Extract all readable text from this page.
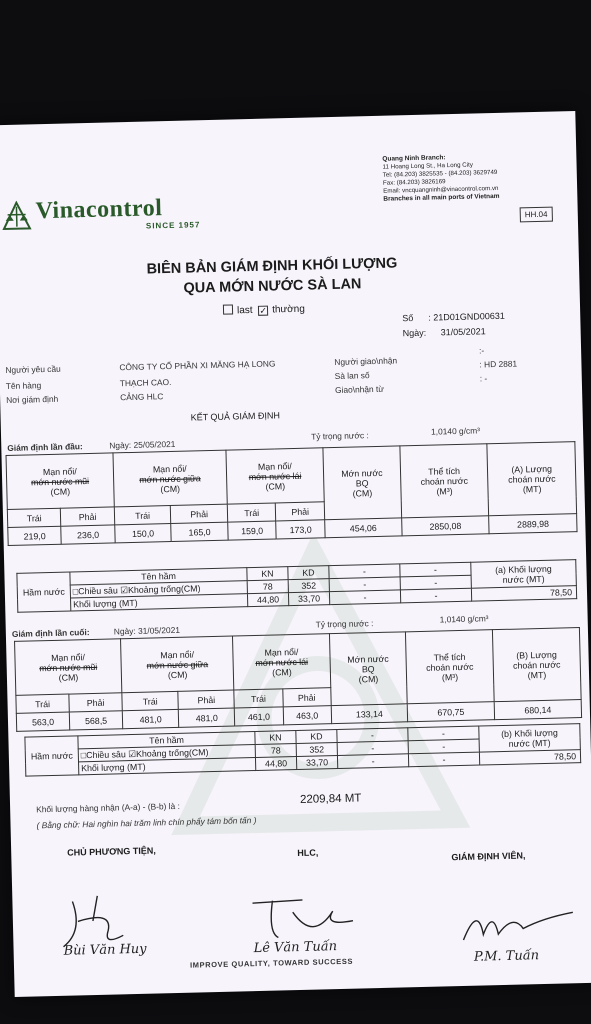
Vinacontrol
SINCE 1957
Quang Ninh Branch:
11 Hoang Long St., Ha Long City
Tel: (84.203) 3825535 - (84.203) 3629749
Fax: (84.203) 3826169
Email: vncquangninh@vinacontrol.com.vn
Branches in all main ports of Vietnam
HH.04
BIÊN BẢN GIÁM ĐỊNH KHỐI LƯỢNG
QUA MỚN NƯỚC SÀ LAN
last ✓ thường
Số : 21D01GND00631
Ngày: 31/05/2021
Người yêu cầu	CÔNG TY CỔ PHẦN XI MĂNG HẠ LONG
Tên hàng	THẠCH CAO.
Nơi giám định	CẢNG HLC
Người giao\nhận
:-
Sà lan số
: HD 2881
Giao\nhận từ
: -
KẾT QUẢ GIÁM ĐỊNH
Giám định lần đầu:	Ngày: 25/05/2021
Tỷ trọng nước :	1,0140 g/cm³
Mạn nổi/
mớn nước mũi
(CM)		Mạn nổi/
mớn nước giữa
(CM)		Mạn nổi/
mớn nước lái
(CM)		Mớn nước
BQ
(CM)	Thể tích
choán nước
(M³)	(A) Lượng
choán nước
(MT)
Trái	Phải	Trái	Phải	Trái	Phải			
219,0	236,0	150,0	165,0	159,0	173,0	454,06	2850,08	2889,98
Hầm nước	Tên hầm	KN	KD	-	-	(a) Khối lượng
nước (MT)
	□Chiều sâu ☑Khoảng trống(CM)	78	352	-	-	
	Khối lượng (MT)	44,80	33,70	-	-	78,50
Giám định lần cuối:	Ngày: 31/05/2021
Tỷ trọng nước :	1,0140 g/cm³
Mạn nổi/
mớn nước mũi
(CM)		Mạn nổi/
mớn nước giữa
(CM)		Mạn nổi/
mớn nước lái
(CM)		Mớn nước
BQ
(CM)	Thể tích
choán nước
(M³)	(B) Lượng
choán nước
(MT)
Trái	Phải	Trái	Phải	Trái	Phải			
563,0	568,5	481,0	481,0	461,0	463,0	133,14	670,75	680,14
Hầm nước	Tên hầm	KN	KD	-	-	(b) Khối lượng
nước (MT)
	□Chiều sâu ☑Khoảng trống(CM)	78	352	-	-	
	Khối lượng (MT)	44,80	33,70	-	-	78,50
Khối lượng hàng nhận (A-a) - (B-b) là :
2209,84 MT
( Bằng chữ: Hai nghìn hai trăm linh chín phẩy tám bốn tấn )
CHỦ PHƯƠNG TIỆN,	HLC,	GIÁM ĐỊNH VIÊN,
Bùi Văn Huy	Lê Văn Tuấn
P.M. Tuấn
IMPROVE QUALITY, TOWARD SUCCESS
